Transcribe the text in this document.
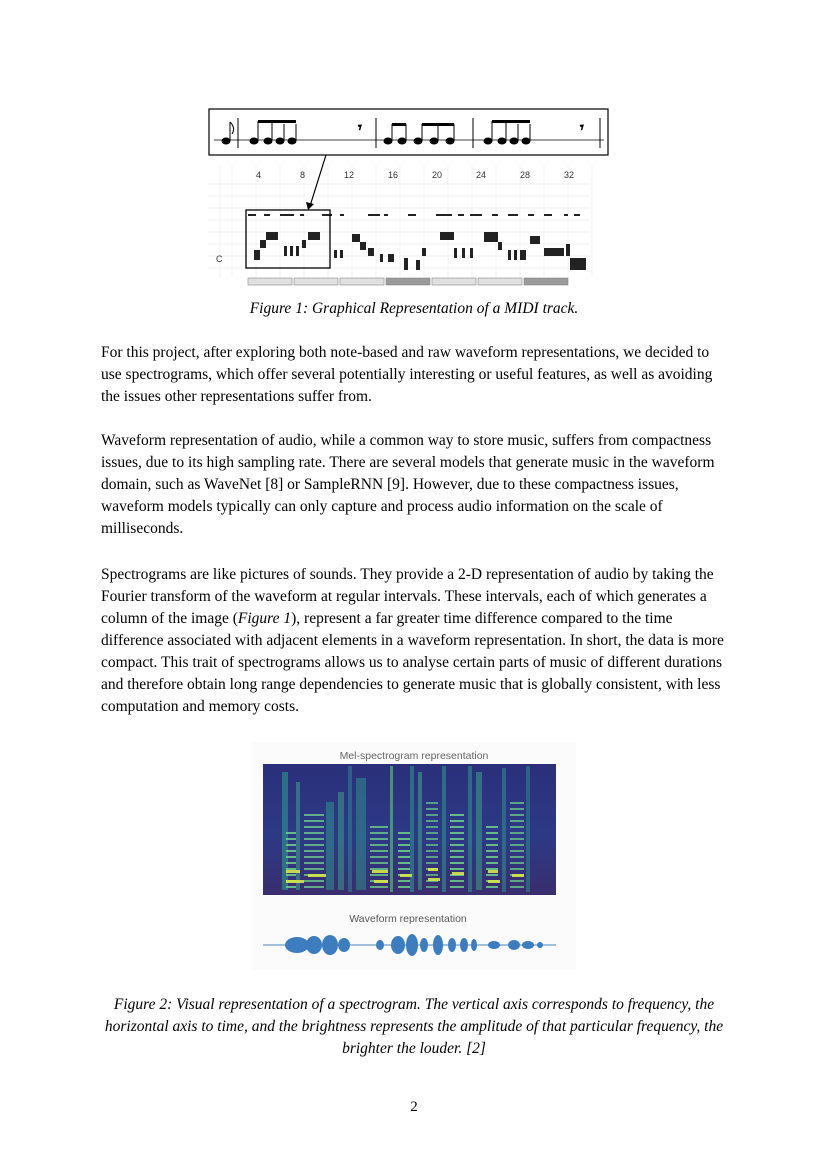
𝄾	𝄾
4	8	12	16	20	24	28	32
C
Figure 1: Graphical Representation of a MIDI track.

For this project, after exploring both note-based and raw waveform representations, we decided to use spectrograms, which offer several potentially interesting or useful features, as well as avoiding the issues other representations suffer from.

Waveform representation of audio, while a common way to store music, suffers from compactness issues, due to its high sampling rate. There are several models that generate music in the waveform domain, such as WaveNet [8] or SampleRNN [9]. However, due to these compactness issues, waveform models typically can only capture and process audio information on the scale of milliseconds.

Spectrograms are like pictures of sounds. They provide a 2-D representation of audio by taking the Fourier transform of the waveform at regular intervals. These intervals, each of which generates a column of the image (Figure 1), represent a far greater time difference compared to the time difference associated with adjacent elements in a waveform representation. In short, the data is more compact. This trait of spectrograms allows us to analyse certain parts of music of different durations and therefore obtain long range dependencies to generate music that is globally consistent, with less computation and memory costs.

Mel-spectrogram representation
Waveform representation
Figure 2: Visual representation of a spectrogram. The vertical axis corresponds to frequency, the horizontal axis to time, and the brightness represents the amplitude of that particular frequency, the brighter the louder. [2]
2
